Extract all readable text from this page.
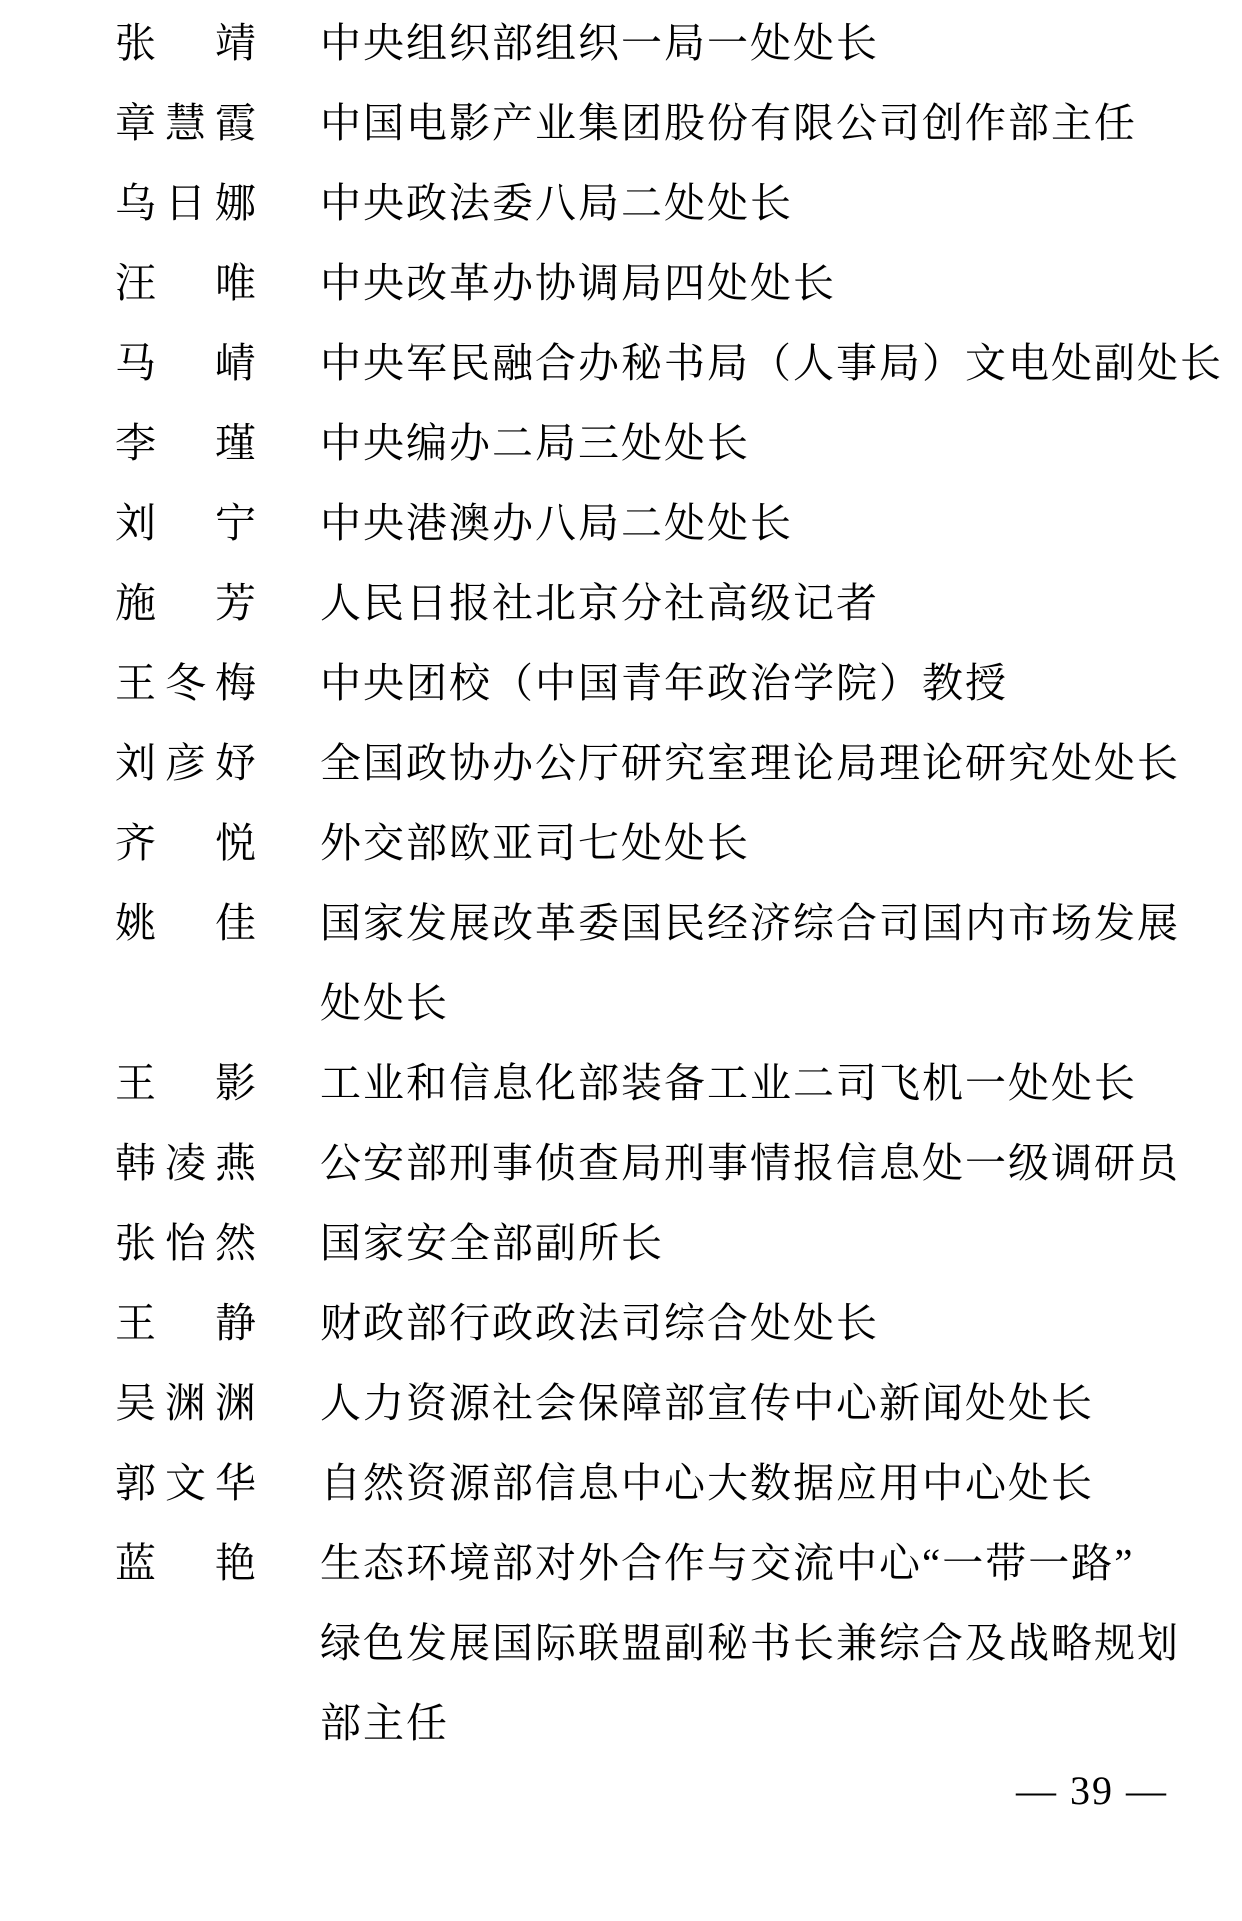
张 靖 中央组织部组织一局一处处长
章 慧 霞 中国电影产业集团股份有限公司创作部主任
乌 日 娜 中央政法委八局二处处长
汪 唯 中央改革办协调局四处处长
马 崝 中央军民融合办秘书局（人事局）文电处副处长
李 瑾 中央编办二局三处处长
刘 宁 中央港澳办八局二处处长
施 芳 人民日报社北京分社高级记者
王 冬 梅 中央团校（中国青年政治学院）教授
刘 彦 妤 全国政协办公厅研究室理论局理论研究处处长
齐 悦 外交部欧亚司七处处长
姚 佳 国家发展改革委国民经济综合司国内市场发展
处处长
王 影 工业和信息化部装备工业二司飞机一处处长
韩 凌 燕 公安部刑事侦查局刑事情报信息处一级调研员
张 怡 然 国家安全部副所长
王 静 财政部行政政法司综合处处长
吴 渊 渊 人力资源社会保障部宣传中心新闻处处长
郭 文 华 自然资源部信息中心大数据应用中心处长
蓝 艳 生态环境部对外合作与交流中心“一带一路”
绿色发展国际联盟副秘书长兼综合及战略规划
部主任
— 39 —
